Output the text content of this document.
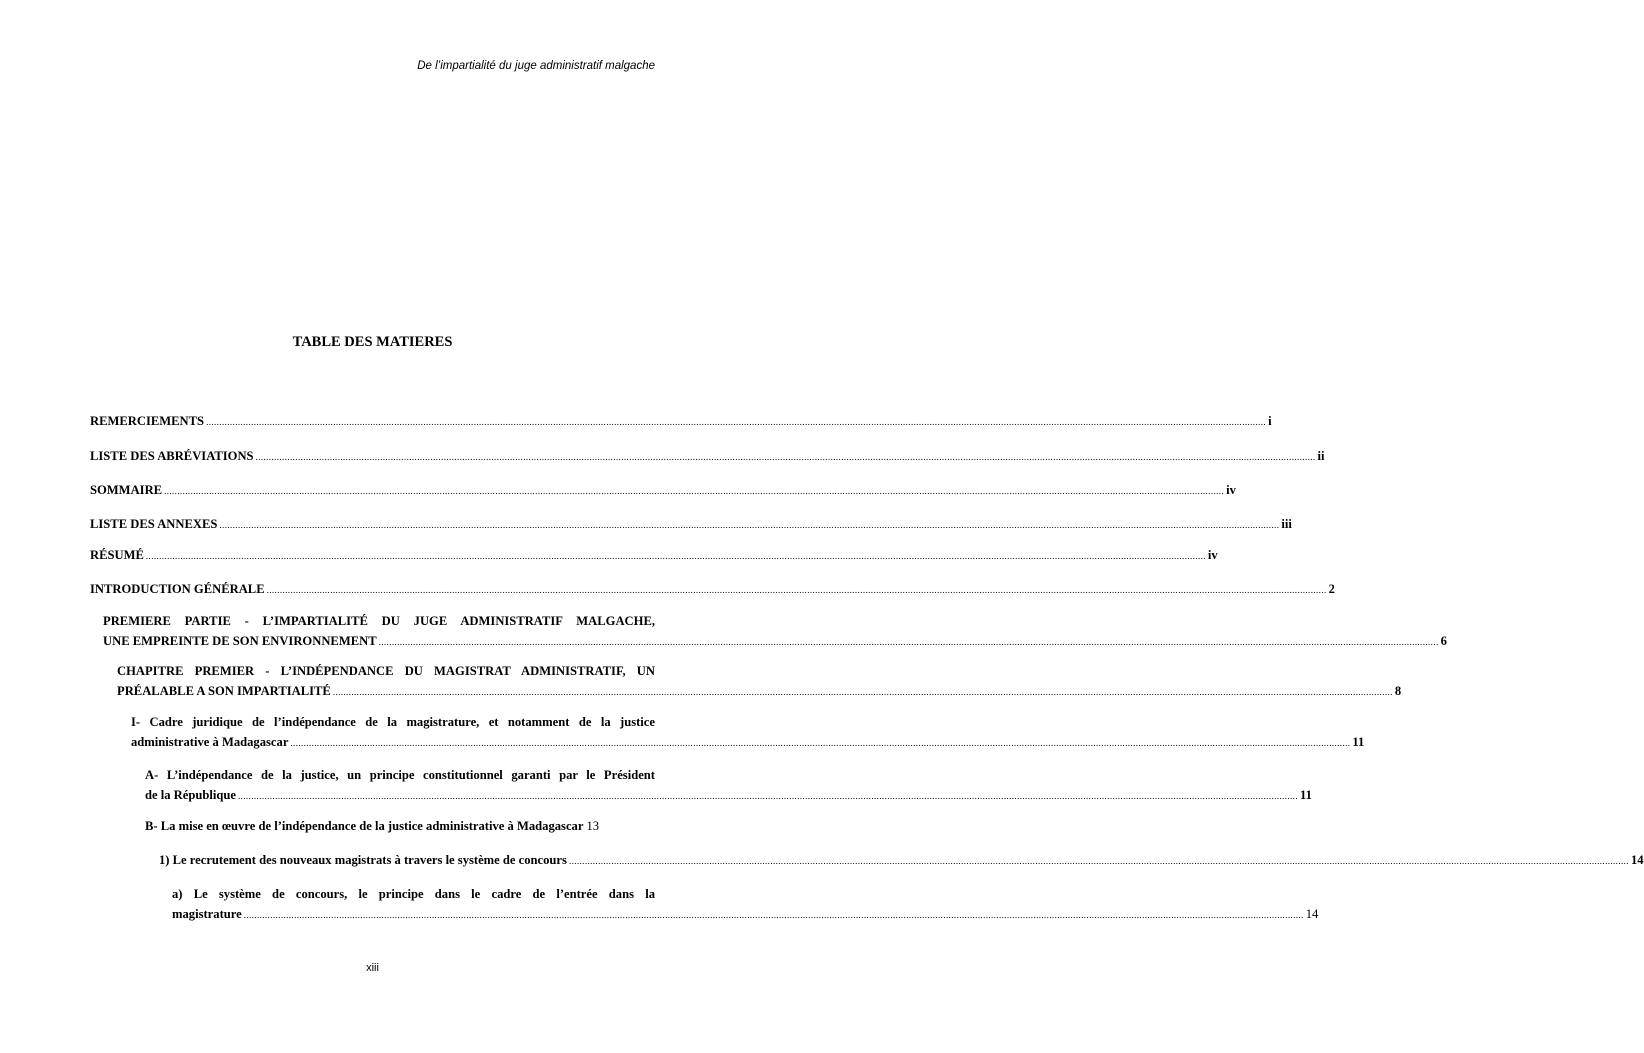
De l’impartialité du juge administratif malgache
TABLE DES MATIERES
REMERCIEMENTS ................................................................................................................................................................................................................................................................................................................................................................................................................ i
LISTE DES ABRÉVIATIONS ................................................................................................................................................................................................................................................................................................................................................................................................................ ii
SOMMAIRE ................................................................................................................................................................................................................................................................................................................................................................................................................ iv
LISTE DES ANNEXES ................................................................................................................................................................................................................................................................................................................................................................................................................ iii
RÉSUMÉ ................................................................................................................................................................................................................................................................................................................................................................................................................ iv
INTRODUCTION GÉNÉRALE ................................................................................................................................................................................................................................................................................................................................................................................................................ 2
PREMIERE PARTIE - L’IMPARTIALITÉ DU JUGE ADMINISTRATIF MALGACHE,
UNE EMPREINTE DE SON ENVIRONNEMENT ................................................................................................................................................................................................................................................................................................................................................................................................................ 6
CHAPITRE PREMIER - L’INDÉPENDANCE DU MAGISTRAT ADMINISTRATIF, UN
PRÉALABLE A SON IMPARTIALITÉ ................................................................................................................................................................................................................................................................................................................................................................................................................ 8
I- Cadre juridique de l’indépendance de la magistrature, et notamment de la justice
administrative à Madagascar ................................................................................................................................................................................................................................................................................................................................................................................................................ 11
A- L’indépendance de la justice, un principe constitutionnel garanti par le Président
de la République ................................................................................................................................................................................................................................................................................................................................................................................................................ 11
B- La mise en œuvre de l’indépendance de la justice administrative à Madagascar 13
1) Le recrutement des nouveaux magistrats à travers le système de concours ................................................................................................................................................................................................................................................................................................................................................................................................................ 14
a) Le système de concours, le principe dans le cadre de l’entrée dans la
magistrature ................................................................................................................................................................................................................................................................................................................................................................................................................ 14
xiii
